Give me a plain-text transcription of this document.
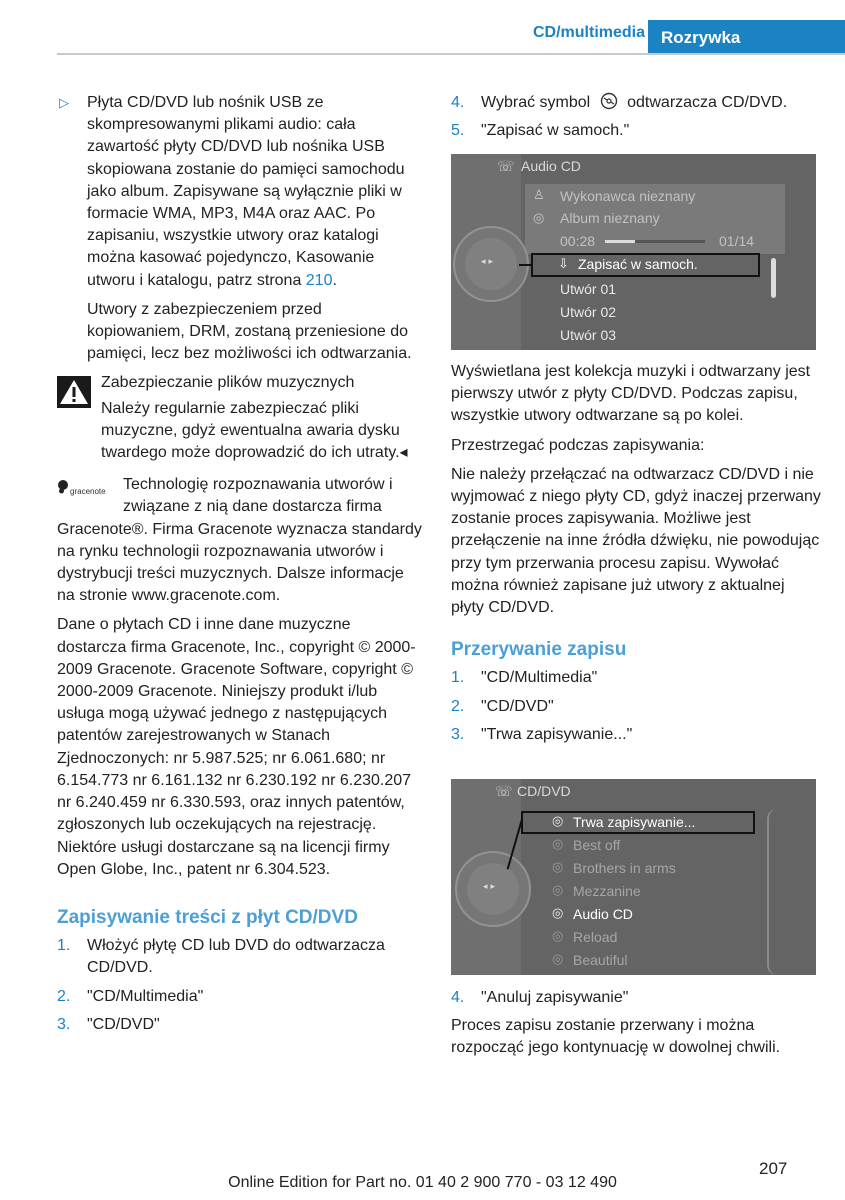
CD/multimedia Rozrywka
▷ Płyta CD/DVD lub nośnik USB ze skompresowanymi plikami audio: cała zawartość płyty CD/DVD lub nośnika USB skopiowana zostanie do pamięci samochodu jako album. Zapisywane są wyłącznie pliki w formacie WMA, MP3, M4A oraz AAC. Po zapisaniu, wszystkie utwory oraz katalogi można kasować pojedynczo, Kasowanie utworu i katalogu, patrz strona 210.

Utwory z zabezpieczeniem przed kopiowaniem, DRM, zostaną przeniesione do pamięci, lecz bez możliwości ich odtwarzania.

Zabezpieczanie plików muzycznych

Należy regularnie zabezpieczać pliki muzyczne, gdyż ewentualna awaria dysku twardego może doprowadzić do ich utraty.◂

gracenote Technologię rozpoznawania utworów i związane z nią dane dostarcza firma Gracenote®. Firma Gracenote wyznacza standardy na rynku technologii rozpoznawania utworów i dystrybucji treści muzycznych. Dalsze informacje na stronie www.gracenote.com.

Dane o płytach CD i inne dane muzyczne dostarcza firma Gracenote, Inc., copyright © 2000-2009 Gracenote. Gracenote Software, copyright © 2000-2009 Gracenote. Niniejszy produkt i/lub usługa mogą używać jednego z następujących patentów zarejestrowanych w Stanach Zjednoczonych: nr 5.987.525; nr 6.061.680; nr 6.154.773 nr 6.161.132 nr 6.230.192 nr 6.230.207 nr 6.240.459 nr 6.330.593, oraz innych patentów, zgłoszonych lub oczekujących na rejestrację. Niektóre usługi dostarczane są na licencji firmy Open Globe, Inc., patent nr 6.304.523.

Zapisywanie treści z płyt CD/DVD
1. Włożyć płytę CD lub DVD do odtwarzacza CD/DVD.
2. "CD/Multimedia"
3. "CD/DVD"
4. Wybrać symbol odtwarzacza CD/DVD.
5. "Zapisać w samoch."
☏ Audio CD
♙ Wykonawca nieznany
◎ Album nieznany
00:28	01/14
◂▸	⇩ Zapisać w samoch.
Utwór 01
Utwór 02
Utwór 03

Wyświetlana jest kolekcja muzyki i odtwarzany jest pierwszy utwór z płyty CD/DVD. Podczas zapisu, wszystkie utwory odtwarzane są po kolei.

Przestrzegać podczas zapisywania:

Nie należy przełączać na odtwarzacz CD/DVD i nie wyjmować z niego płyty CD, gdyż inaczej przerwany zostanie proces zapisywania. Możliwe jest przełączenie na inne źródła dźwięku, nie powodując przy tym przerwania procesu zapisu. Wywołać można również zapisane już utwory z aktualnej płyty CD/DVD.

Przerywanie zapisu
1. "CD/Multimedia"
2. "CD/DVD"
3. "Trwa zapisywanie..."
☏ CD/DVD
◂▸
◎ Trwa zapisywanie...
◎ Best off
◎ Brothers in arms
◎ Mezzanine
◎ Audio CD
◎ Reload
◎ Beautiful
4. "Anuluj zapisywanie"

Proces zapisu zostanie przerwany i można rozpocząć jego kontynuację w dowolnej chwili.

207
Online Edition for Part no. 01 40 2 900 770 - 03 12 490
